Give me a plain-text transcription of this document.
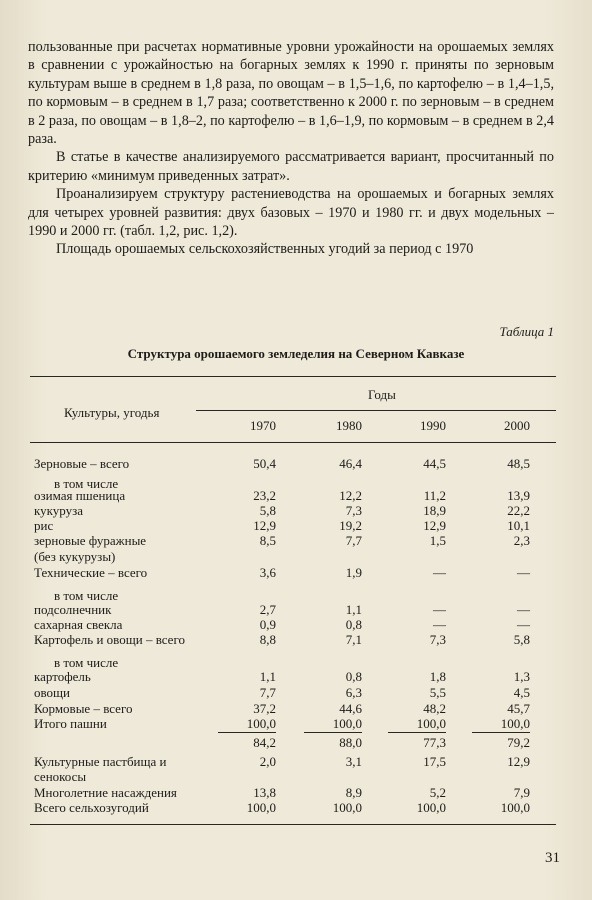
пользованные при расчетах нормативные уровни урожайности на орошаемых землях в сравнении с урожайностью на богарных землях к 1990 г. приняты по зерновым культурам выше в среднем в 1,8 раза, по овощам – в 1,5–1,6, по картофелю – в 1,4–1,5, по кормовым – в среднем в 1,7 раза; соответственно к 2000 г. по зерновым – в среднем в 2 раза, по овощам – в 1,8–2, по картофелю – в 1,6–1,9, по кормовым – в среднем в 2,4 раза.

В статье в качестве анализируемого рассматривается вариант, просчитанный по критерию «минимум приведенных затрат».

Проанализируем структуру растениеводства на орошаемых и богарных землях для четырех уровней развития: двух базовых – 1970 и 1980 гг. и двух модельных – 1990 и 2000 гг. (табл. 1,2, рис. 1,2).

Площадь орошаемых сельскохозяйственных угодий за период с 1970

Таблица 1
Структура орошаемого земледелия на Северном Кавказе
Культуры, угодья
Годы
1970	1980	1990	2000
Зерновые – всего	50,4	46,4	44,5	48,5
в том числе
озимая пшеница	23,2	12,2	11,2	13,9
кукуруза	5,8	7,3	18,9	22,2
рис	12,9	19,2	12,9	10,1
зерновые фуражные	8,5	7,7	1,5	2,3
(без кукурузы)
Технические – всего	3,6	1,9	—	—
в том числе
подсолнечник	2,7	1,1	—	—
сахарная свекла	0,9	0,8	—	—
Картофель и овощи – всего	8,8	7,1	7,3	5,8
в том числе
картофель	1,1	0,8	1,8	1,3
овощи	7,7	6,3	5,5	4,5
Кормовые – всего	37,2	44,6	48,2	45,7
Итого пашни	100,0	100,0	100,0	100,0
84,2	88,0	77,3	79,2
Культурные пастбища и	2,0	3,1	17,5	12,9
сенокосы
Многолетние насаждения	13,8	8,9	5,2	7,9
Всего сельхозугодий	100,0	100,0	100,0	100,0
31
